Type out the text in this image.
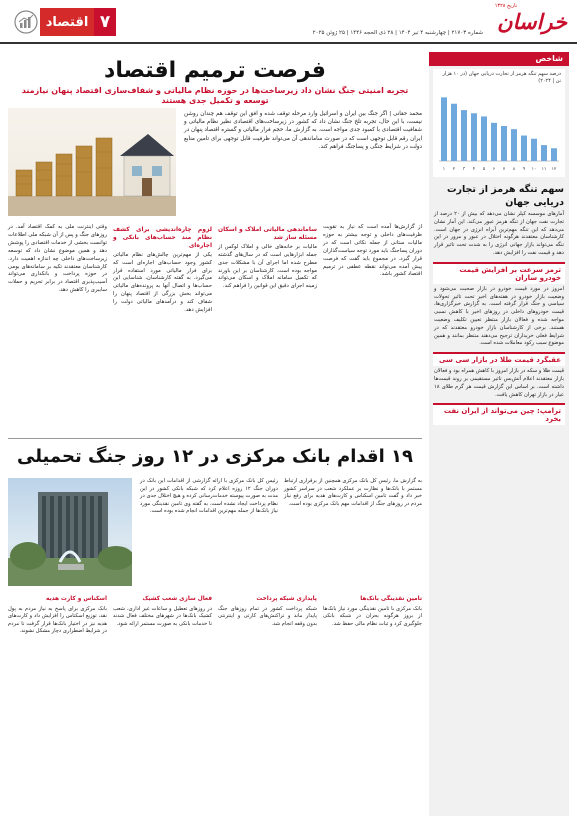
تاریخ ۱۳۲۸
خراسان
شماره ۲۱۷۰۳ | چهارشنبه ۴ تیر ۱۴۰۴ | ۲۸ ذی الحجه ۱۴۴۶ | ۲۵ ژوئن ۲۰۲۵
۷
اقتصاد
شاخص
درصد سهم تنگه هرمز از تجارت دریایی جهان (در ۱۰ هزار تن | ۲۰۲۴)
۱ ۲ ۳ ۴ ۵ ۶ ۷ ۸ ۹ ۱۰ ۱۱ ۱۲
سهم تنگه هرمز از تجارت دریایی جهان
آمارهای موسسه کپلر نشان می‌دهد که بیش از ۲۰ درصد از تجارت نفت جهان از تنگه هرمز عبور می‌کند. این آمار نشان می‌دهد که این تنگه مهم‌ترین آبراه انرژی در جهان است. کارشناسان معتقدند هرگونه اختلال در عبور و مرور در این تنگه می‌تواند بازار جهانی انرژی را به شدت تحت تاثیر قرار دهد و قیمت نفت را افزایش دهد.
ترمز سرعت بر افزایش قیمت خودرو ساران
امروز در مورد قیمت خودرو در بازار صحبت می‌شود و وضعیت بازار خودرو در هفته‌های اخیر تحت تاثیر تحولات سیاسی و جنگ قرار گرفته است. به گزارش خبرگزاری‌ها، قیمت خودروهای داخلی در روزهای اخیر با کاهش نسبی مواجه شده و فعالان بازار منتظر تعیین تکلیف وضعیت هستند. برخی از کارشناسان بازار خودرو معتقدند که در شرایط فعلی خریداران ترجیح می‌دهند منتظر بمانند و همین موضوع سبب رکود معاملات شده است.
عقبگرد قیمت طلا در بازار سی سی
قیمت طلا و سکه در بازار امروز با کاهش همراه بود و فعالان بازار معتقدند اعلام آتش‌بس تاثیر مستقیمی بر روند قیمت‌ها داشته است. بر اساس این گزارش قیمت هر گرم طلای ۱۸ عیار در بازار تهران کاهش یافت.
ترامپ: چین می‌تواند از ایران نفت بخرد
فرصت ترمیم اقتصاد
تجربه امنیتی جنگ نشان داد زیرساخت‌ها در حوزه نظام مالیاتی و شفاف‌سازی اقتصاد پنهان نیازمند توسعه و تکمیل جدی هستند
محمد حقانی | اگر جنگ بین ایران و اسرائیل وارد مرحله توقف شده و افق این توقف هم چندان روشن نیست، با این حال، تجربه تلخ جنگ نشان داد که کشور در زیرساخت‌های اقتصادی نظیر نظام مالیاتی و شفافیت اقتصادی با کمبود جدی مواجه است. به گزارش ما، حجم فرار مالیاتی و گستره اقتصاد پنهان در ایران رقم قابل توجهی است که در صورت ساماندهی آن می‌تواند ظرفیت قابل توجهی برای تامین منابع دولت در شرایط جنگی و پساجنگ فراهم کند.
از گزارش‌ها آمده است که نیاز به تقویت ظرفیت‌های داخلی و توجه بیشتر به حوزه مالیات ستانی از جمله نکاتی است که در دوران پساجنگ باید مورد توجه سیاست‌گذاران قرار گیرد. در مجموع باید گفت که فرصت پیش آمده می‌تواند نقطه عطفی در ترمیم اقتصاد کشور باشد.
ساماندهی مالیاتی املاک و اسکان مسئله ساز شد
مالیات بر خانه‌های خالی و املاک لوکس از جمله ابزارهایی است که در سال‌های گذشته مطرح شده اما اجرای آن با مشکلات جدی مواجه بوده است. کارشناسان بر این باورند که تکمیل سامانه املاک و اسکان می‌تواند زمینه اجرای دقیق این قوانین را فراهم کند.
لزوم چاره‌اندیشی برای کشف نظام مند حساب‌های بانکی و اجاره‌ای
یکی از مهم‌ترین چالش‌های نظام مالیاتی کشور وجود حساب‌های اجاره‌ای است که برای فرار مالیاتی مورد استفاده قرار می‌گیرد. به گفته کارشناسان، شناسایی این حساب‌ها و اتصال آنها به پرونده‌های مالیاتی می‌تواند بخش بزرگی از اقتصاد پنهان را شفاف کند و درآمدهای مالیاتی دولت را افزایش دهد.
وقتی اینترنت ملی به کمک اقتصاد آمد. در روزهای جنگ و پس از آن شبکه ملی اطلاعات توانست بخشی از خدمات اقتصادی را پوشش دهد و همین موضوع نشان داد که توسعه زیرساخت‌های داخلی چه اندازه اهمیت دارد. کارشناسان معتقدند تکیه بر سامانه‌های بومی در حوزه پرداخت و بانکداری می‌تواند آسیب‌پذیری اقتصاد در برابر تحریم و حملات سایبری را کاهش دهد.
۱۹ اقدام بانک مرکزی در ۱۲ روز جنگ تحمیلی
به گزارش ما، رئیس کل بانک مرکزی همچنین از برقراری ارتباط مستمر با بانک‌ها و نظارت بر عملکرد شعب در سراسر کشور خبر داد و گفت تامین اسکناس و کارت‌های هدیه برای رفع نیاز مردم در روزهای جنگ از اقدامات مهم بانک مرکزی بوده است.
رئیس کل بانک مرکزی با ارائه گزارشی از اقدامات این بانک در دوران جنگ ۱۲ روزه اعلام کرد که شبکه بانکی کشور در این مدت به صورت پیوسته خدمات‌رسانی کرده و هیچ اختلال جدی در نظام پرداخت ایجاد نشده است. به گفته وی تامین نقدینگی مورد نیاز بانک‌ها از جمله مهم‌ترین اقدامات انجام شده بوده است.
تامین نقدینگی بانک‌ها
بانک مرکزی با تامین نقدینگی مورد نیاز بانک‌ها از بروز هرگونه بحران در شبکه بانکی جلوگیری کرد و ثبات نظام مالی حفظ شد.
پایداری شبکه پرداخت
شبکه پرداخت کشور در تمام روزهای جنگ پایدار ماند و تراکنش‌های کارتی و اینترنتی بدون وقفه انجام شد.
فعال سازی شعب کشیک
در روزهای تعطیل و ساعات غیر اداری، شعب کشیک بانک‌ها در شهرهای مختلف فعال شدند تا خدمات بانکی به صورت مستمر ارائه شود.
اسکناس و کارت هدیه
بانک مرکزی برای پاسخ به نیاز مردم به پول نقد، توزیع اسکناس را افزایش داد و کارت‌های هدیه نیز در اختیار بانک‌ها قرار گرفت تا مردم در شرایط اضطراری دچار مشکل نشوند.
